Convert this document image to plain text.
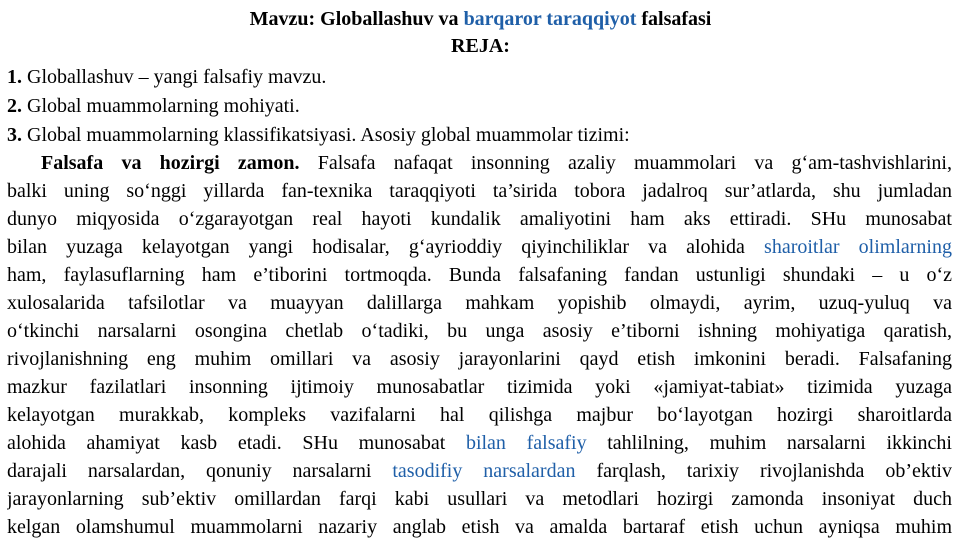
Mavzu: Globallashuv va barqaror taraqqiyot falsafasi
REJA:
1. Globallashuv – yangi falsafiy mavzu.
2. Global muammolarning mohiyati.
3. Global muammolarning klassifikatsiyasi. Asosiy global muammolar tizimi:
Falsafa va hozirgi zamon. Falsafa nafaqat insonning azaliy muammolari va g‘am-tashvishlarini,
balki uning so‘nggi yillarda fan-texnika taraqqiyoti ta’sirida tobora jadalroq sur’atlarda, shu jumladan
dunyo miqyosida o‘zgarayotgan real hayoti kundalik amaliyotini ham aks ettiradi. SHu munosabat
bilan yuzaga kelayotgan yangi hodisalar, g‘ayrioddiy qiyinchiliklar va alohida sharoitlar olimlarning
ham, faylasuflarning ham e’tiborini tortmoqda. Bunda falsafaning fandan ustunligi shundaki – u o‘z
xulosalarida tafsilotlar va muayyan dalillarga mahkam yopishib olmaydi, ayrim, uzuq-yuluq va
o‘tkinchi narsalarni osongina chetlab o‘tadiki, bu unga asosiy e’tiborni ishning mohiyatiga qaratish,
rivojlanishning eng muhim omillari va asosiy jarayonlarini qayd etish imkonini beradi. Falsafaning
mazkur fazilatlari insonning ijtimoiy munosabatlar tizimida yoki «jamiyat-tabiat» tizimida yuzaga
kelayotgan murakkab, kompleks vazifalarni hal qilishga majbur bo‘layotgan hozirgi sharoitlarda
alohida ahamiyat kasb etadi. SHu munosabat bilan falsafiy tahlilning, muhim narsalarni ikkinchi
darajali narsalardan, qonuniy narsalarni tasodifiy narsalardan farqlash, tarixiy rivojlanishda ob’ektiv
jarayonlarning sub’ektiv omillardan farqi kabi usullari va metodlari hozirgi zamonda insoniyat duch
kelgan olamshumul muammolarni nazariy anglab etish va amalda bartaraf etish uchun ayniqsa muhim
